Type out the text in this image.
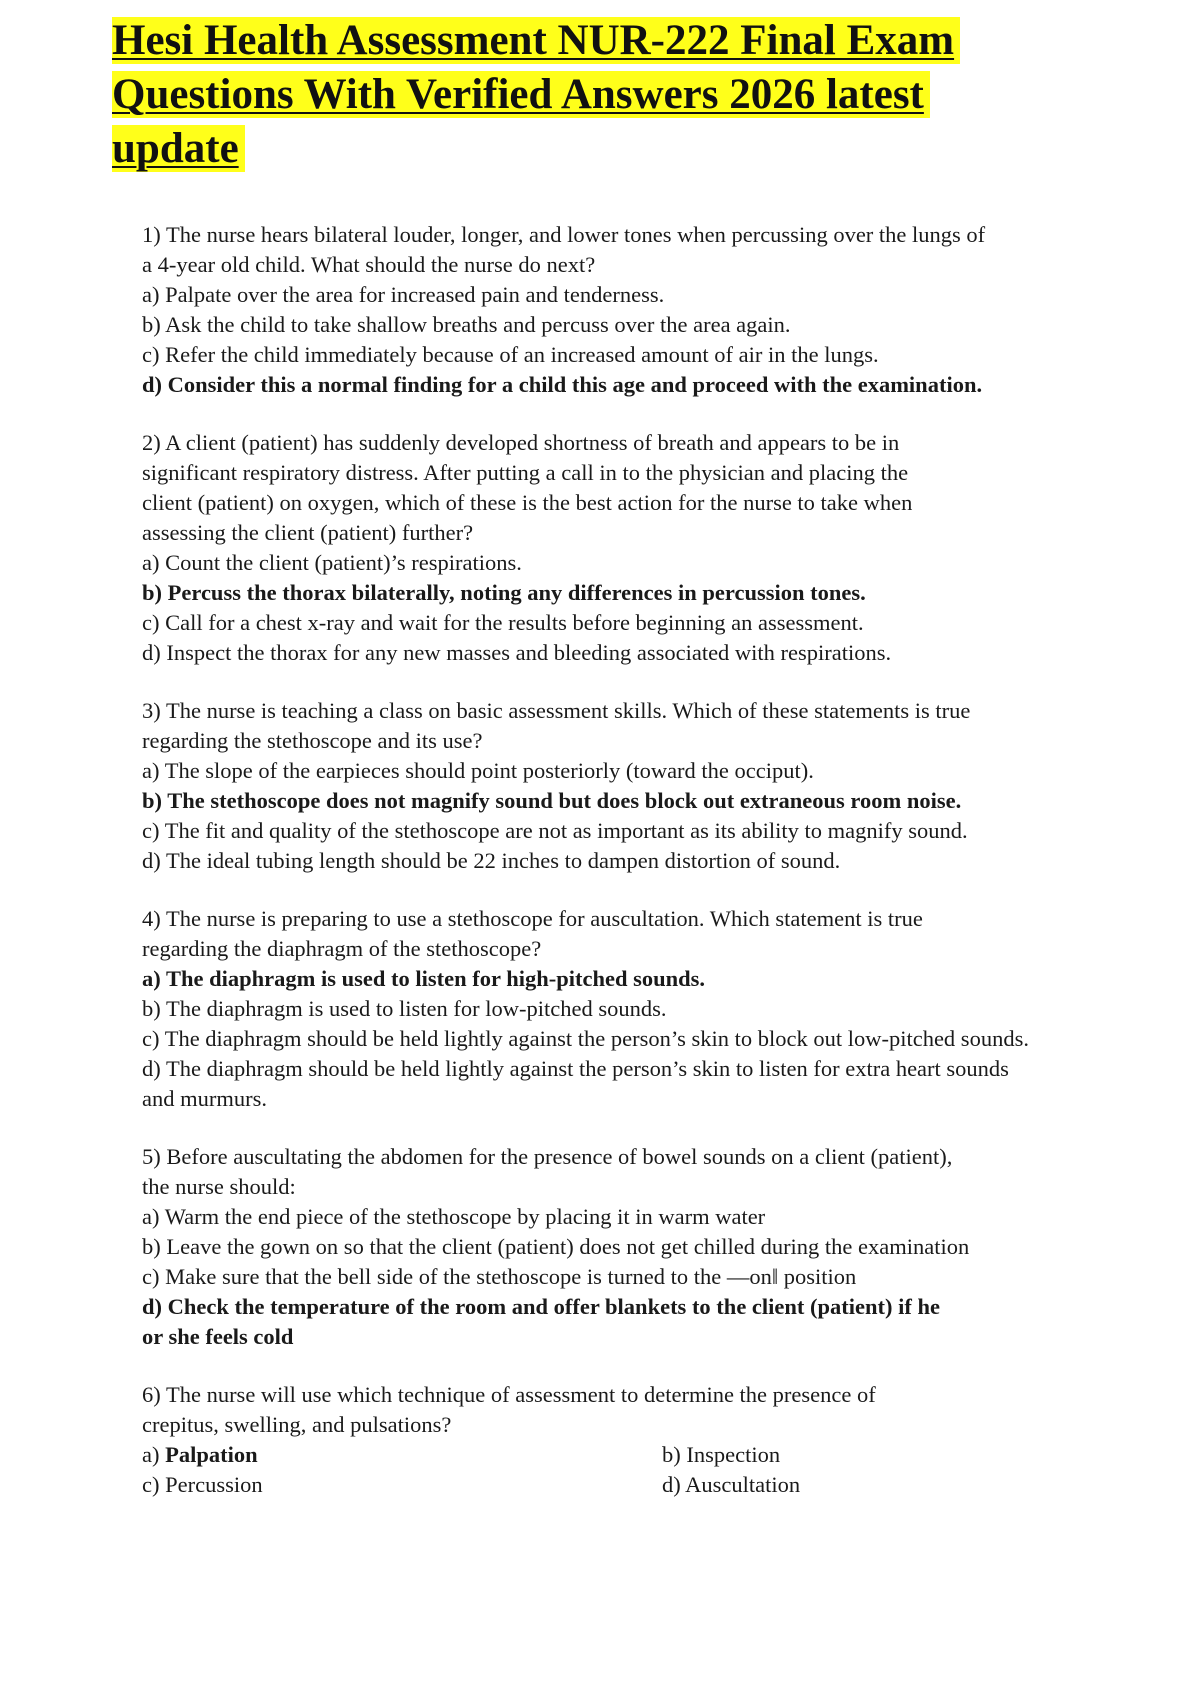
Hesi Health Assessment NUR-222 Final Exam
Questions With Verified Answers 2026 latest
update

1) The nurse hears bilateral louder, longer, and lower tones when percussing over the lungs of
a 4-year old child. What should the nurse do next?

a) Palpate over the area for increased pain and tenderness.

b) Ask the child to take shallow breaths and percuss over the area again.

c) Refer the child immediately because of an increased amount of air in the lungs.

d) Consider this a normal finding for a child this age and proceed with the examination.

2) A client (patient) has suddenly developed shortness of breath and appears to be in
significant respiratory distress. After putting a call in to the physician and placing the
client (patient) on oxygen, which of these is the best action for the nurse to take when
assessing the client (patient) further?

a) Count the client (patient)’s respirations.

b) Percuss the thorax bilaterally, noting any differences in percussion tones.

c) Call for a chest x-ray and wait for the results before beginning an assessment.

d) Inspect the thorax for any new masses and bleeding associated with respirations.

3) The nurse is teaching a class on basic assessment skills. Which of these statements is true
regarding the stethoscope and its use?

a) The slope of the earpieces should point posteriorly (toward the occiput).

b) The stethoscope does not magnify sound but does block out extraneous room noise.

c) The fit and quality of the stethoscope are not as important as its ability to magnify sound.

d) The ideal tubing length should be 22 inches to dampen distortion of sound.

4) The nurse is preparing to use a stethoscope for auscultation. Which statement is true
regarding the diaphragm of the stethoscope?

a) The diaphragm is used to listen for high-pitched sounds.

b) The diaphragm is used to listen for low-pitched sounds.

c) The diaphragm should be held lightly against the person’s skin to block out low-pitched sounds.

d) The diaphragm should be held lightly against the person’s skin to listen for extra heart sounds and murmurs.

5) Before auscultating the abdomen for the presence of bowel sounds on a client (patient),
the nurse should:

a) Warm the end piece of the stethoscope by placing it in warm water

b) Leave the gown on so that the client (patient) does not get chilled during the examination

c) Make sure that the bell side of the stethoscope is turned to the ―onǁ position

d) Check the temperature of the room and offer blankets to the client (patient) if he or she feels cold

6) The nurse will use which technique of assessment to determine the presence of
crepitus, swelling, and pulsations?

a) Palpation	b) Inspection

c) Percussion	d) Auscultation
